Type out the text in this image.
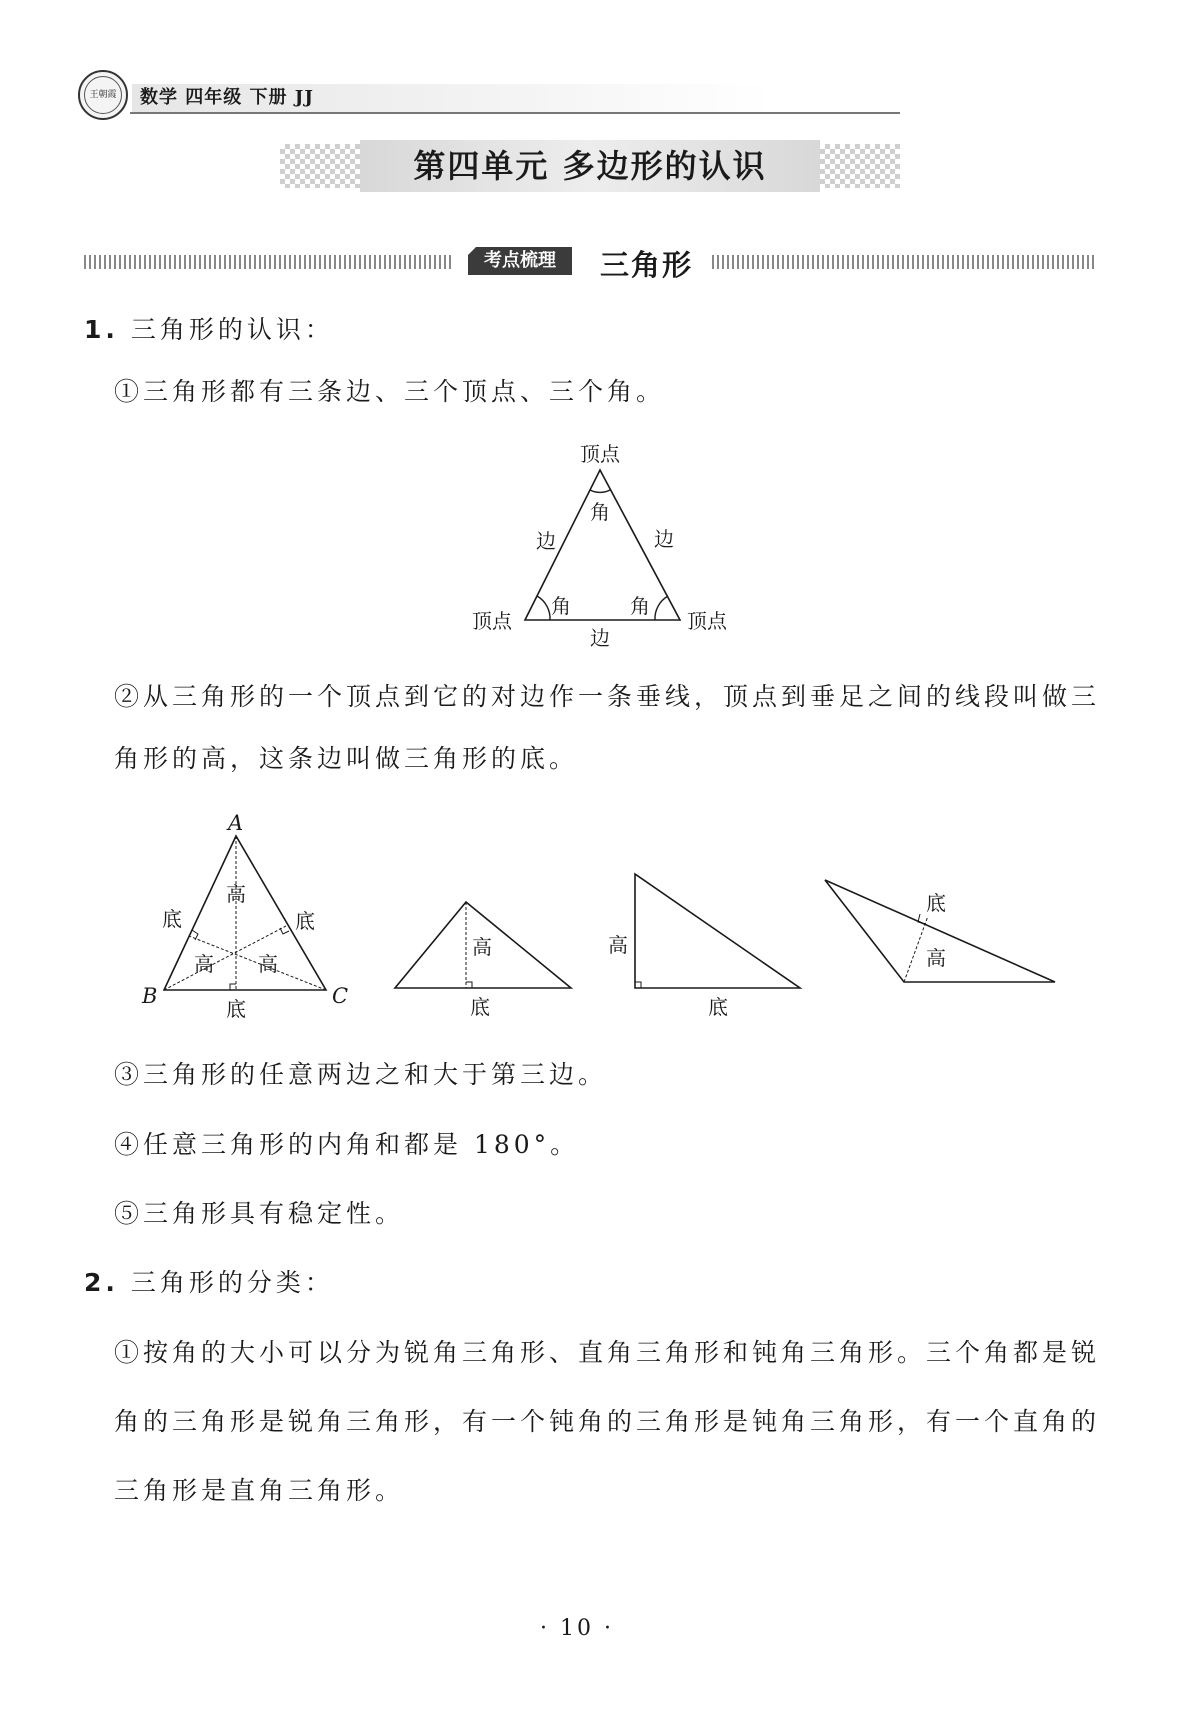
王朝霞	数学 四年级 下册 JJ
第四单元 多边形的认识
考点梳理	三角形
1. 三角形的认识：
①三角形都有三条边、三个顶点、三个角。
顶点
角
边	边
角	角
顶点	顶点
边
②从三角形的一个顶点到它的对边作一条垂线，顶点到垂足之间的线段叫做三
角形的高，这条边叫做三角形的底。
A
B	C
高
高 高
底	底
底
高
底
高
底
底
高
③三角形的任意两边之和大于第三边。
④任意三角形的内角和都是 180°。
⑤三角形具有稳定性。
2. 三角形的分类：
①按角的大小可以分为锐角三角形、直角三角形和钝角三角形。三个角都是锐
角的三角形是锐角三角形，有一个钝角的三角形是钝角三角形，有一个直角的
三角形是直角三角形。
· 10 ·
